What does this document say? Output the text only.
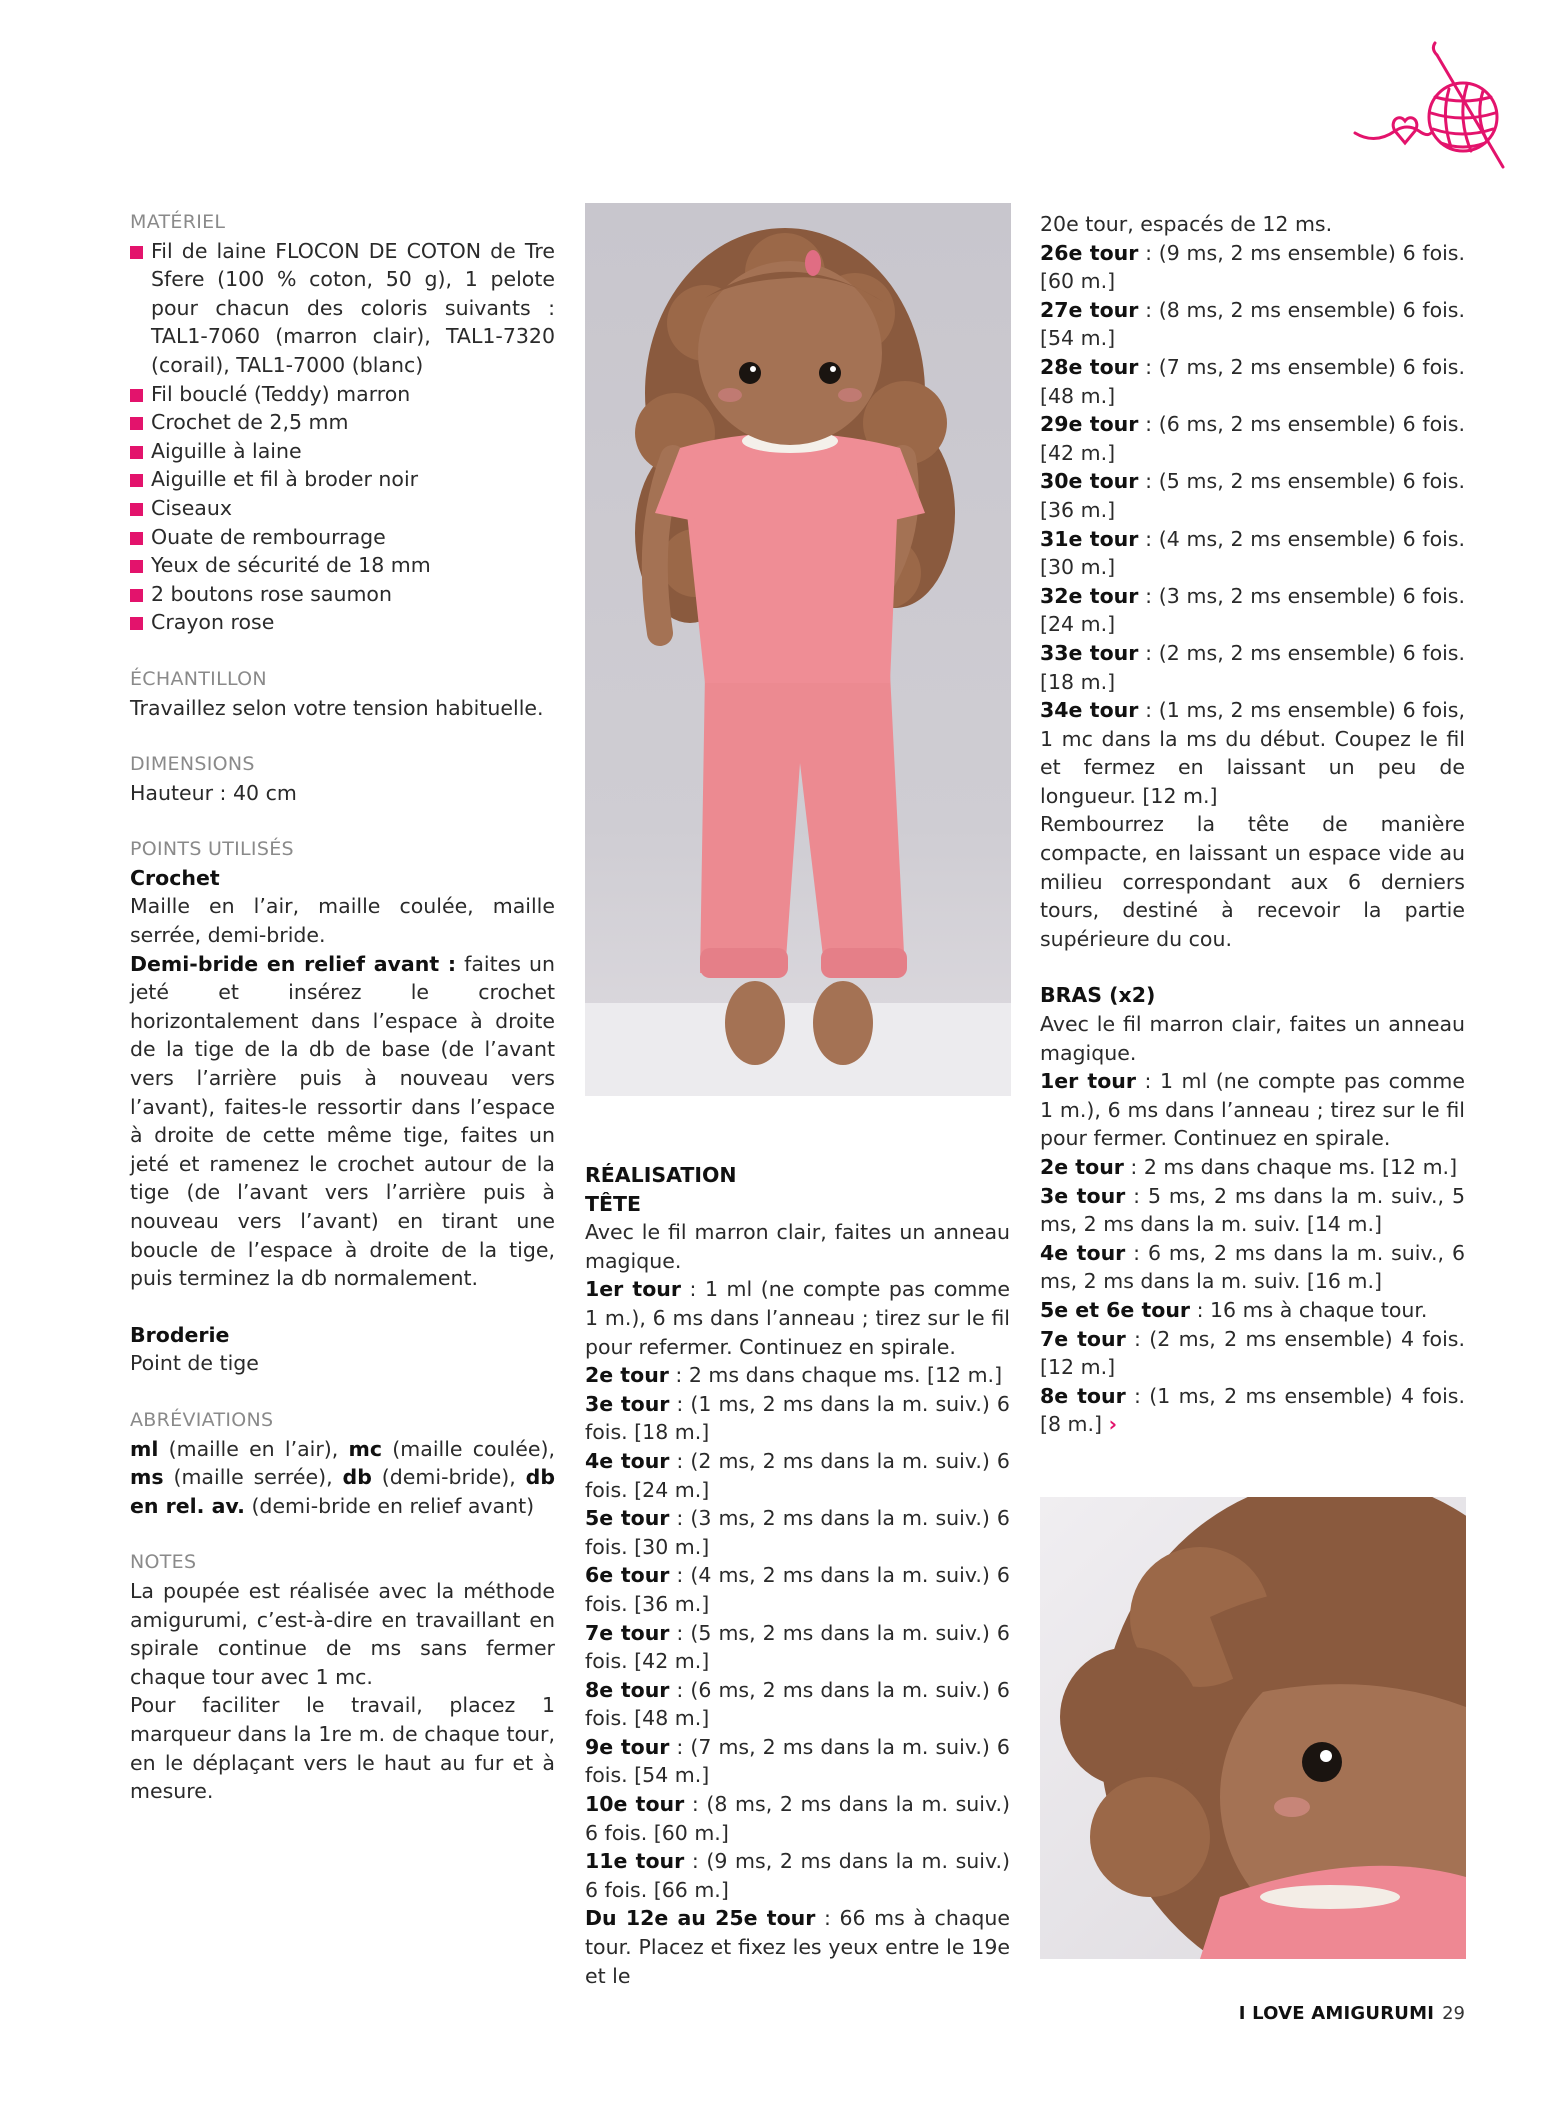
MATÉRIEL
Fil de laine FLOCON DE COTON de Tre Sfere (100 % coton, 50 g), 1 pelote pour chacun des coloris suivants : TAL1-7060 (marron clair), TAL1-7320 (corail), TAL1-7000 (blanc)
Fil bouclé (Teddy) marron
Crochet de 2,5 mm
Aiguille à laine
Aiguille et fil à broder noir
Ciseaux
Ouate de rembourrage
Yeux de sécurité de 18 mm
2 boutons rose saumon
Crayon rose
ÉCHANTILLON
Travaillez selon votre tension habituelle.
DIMENSIONS
Hauteur : 40 cm
POINTS UTILISÉS
Crochet
Maille en l’air, maille coulée, maille serrée, demi-bride.
Demi-bride en relief avant : faites un jeté et insérez le crochet horizontalement dans l’espace à droite de la tige de la db de base (de l’avant vers l’arrière puis à nouveau vers l’avant), faites-le ressortir dans l’espace à droite de cette même tige, faites un jeté et ramenez le crochet autour de la tige (de l’avant vers l’arrière puis à nouveau vers l’avant) en tirant une boucle de l’espace à droite de la tige, puis terminez la db normalement.
Broderie
Point de tige
ABRÉVIATIONS
ml (maille en l’air), mc (maille coulée), ms (maille serrée), db (demi-bride), db en rel. av. (demi-bride en relief avant)
NOTES
La poupée est réalisée avec la méthode amigurumi, c’est-à-dire en travaillant en spirale continue de ms sans fermer chaque tour avec 1 mc.
Pour faciliter le travail, placez 1 marqueur dans la 1re m. de chaque tour, en le déplaçant vers le haut au fur et à mesure.
RÉALISATION
TÊTE
Avec le fil marron clair, faites un anneau magique.
1er tour : 1 ml (ne compte pas comme 1 m.), 6 ms dans l’anneau ; tirez sur le fil pour refermer. Continuez en spirale.
2e tour : 2 ms dans chaque ms. [12 m.]
3e tour : (1 ms, 2 ms dans la m. suiv.) 6 fois. [18 m.]
4e tour : (2 ms, 2 ms dans la m. suiv.) 6 fois. [24 m.]
5e tour : (3 ms, 2 ms dans la m. suiv.) 6 fois. [30 m.]
6e tour : (4 ms, 2 ms dans la m. suiv.) 6 fois. [36 m.]
7e tour : (5 ms, 2 ms dans la m. suiv.) 6 fois. [42 m.]
8e tour : (6 ms, 2 ms dans la m. suiv.) 6 fois. [48 m.]
9e tour : (7 ms, 2 ms dans la m. suiv.) 6 fois. [54 m.]
10e tour : (8 ms, 2 ms dans la m. suiv.) 6 fois. [60 m.]
11e tour : (9 ms, 2 ms dans la m. suiv.) 6 fois. [66 m.]
Du 12e au 25e tour : 66 ms à chaque tour. Placez et fixez les yeux entre le 19e et le
20e tour, espacés de 12 ms.
26e tour : (9 ms, 2 ms ensemble) 6 fois. [60 m.]
27e tour : (8 ms, 2 ms ensemble) 6 fois. [54 m.]
28e tour : (7 ms, 2 ms ensemble) 6 fois. [48 m.]
29e tour : (6 ms, 2 ms ensemble) 6 fois. [42 m.]
30e tour : (5 ms, 2 ms ensemble) 6 fois. [36 m.]
31e tour : (4 ms, 2 ms ensemble) 6 fois. [30 m.]
32e tour : (3 ms, 2 ms ensemble) 6 fois. [24 m.]
33e tour : (2 ms, 2 ms ensemble) 6 fois. [18 m.]
34e tour : (1 ms, 2 ms ensemble) 6 fois, 1 mc dans la ms du début. Coupez le fil et fermez en laissant un peu de longueur. [12 m.]
Rembourrez la tête de manière compacte, en laissant un espace vide au milieu correspondant aux 6 derniers tours, destiné à recevoir la partie supérieure du cou.
BRAS (x2)
Avec le fil marron clair, faites un anneau magique.
1er tour : 1 ml (ne compte pas comme 1 m.), 6 ms dans l’anneau ; tirez sur le fil pour fermer. Continuez en spirale.
2e tour : 2 ms dans chaque ms. [12 m.]
3e tour : 5 ms, 2 ms dans la m. suiv., 5 ms, 2 ms dans la m. suiv. [14 m.]
4e tour : 6 ms, 2 ms dans la m. suiv., 6 ms, 2 ms dans la m. suiv. [16 m.]
5e et 6e tour : 16 ms à chaque tour.
7e tour : (2 ms, 2 ms ensemble) 4 fois. [12 m.]
8e tour : (1 ms, 2 ms ensemble) 4 fois. [8 m.] ›
I LOVE AMIGURUMI 29
